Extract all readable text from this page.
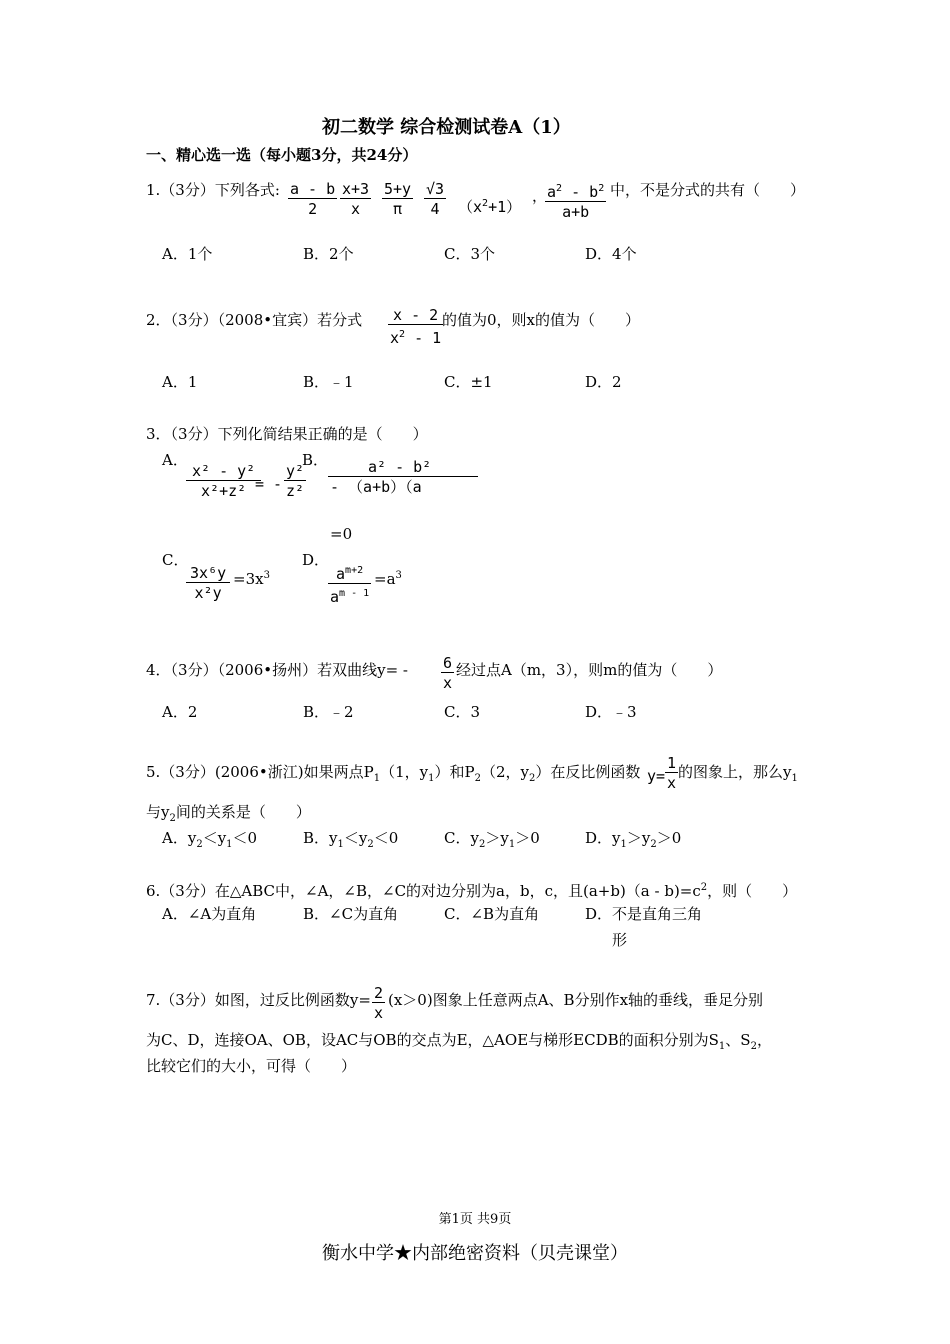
初二数学 综合检测试卷A（1）
一、精心选一选（每小题3分，共24分）
1.（3分）下列各式: $\frac{a - b}{2} \frac{x+3}{x} \frac{5+y}{\pi} \frac{√3}{4} (x^2+1)$
，
$\frac{a^2 - b^2}{a+b}$ 中，不是分式的共有（　　）
A．1个	B．2个	C．3个	D．4个
2．（3分）（2008•宜宾）若分式 $\frac{x - 2}{x^2 - 1}$
的值为0，则x的值为（　　）
A．1	B．﹣1	C．±1	D．2
3．（3分）下列化简结果正确的是（　　）
A．
$\frac{\text{x² - y²}}{\text{x²+z²}}$
= - $\frac{\text{y²}}{\text{z²}}$
B． $\frac{\text{a² - b²}}{- (a+b)(a}$
=0
C．
$\frac{\text{3x⁶y}}{\text{x²y}} =3x^3$
D．
$\frac{a^{m+2}}{a^{m - 1}} =a^3$
4．（3分）（2006•扬州）若双曲线$y= - \frac{6}{x}$ 经过点A（m，3），则m的值为（　　）
A．2	B．﹣2	C．3	D．﹣3
5.（3分）(2006•浙江)如果两点$P_1(1$，$y_1$）和$P_2(2$，$y_2$）在反比例函数 $y= \frac{1}{x}$ 的图象上，那么$y_1$
与$y_2$间的关系是（　　）
A．$y_2<y_1<0$	B．$y_1<y_2<0$	C．$y_2>y_1>0$	D．$y_1>y_2>0$
6.（3分）在△ABC中，∠A，∠B，∠C的对边分别为a，b，c，且$(a+b)(a - b)=c^2$，则（　　）
A．∠A为直角	B．∠C为直角	C．∠B为直角	D．不是直角三角
形
7.（3分）如图，过反比例函数$y= \frac{2}{x} (x>0)$图象上任意两点A、B分别作x轴的垂线，垂足分别
为C、D，连接OA、OB，设AC与OB的交点为E，△AOE与梯形ECDB的面积分别为$S_1$、$S_2$，
比较它们的大小，可得（　　）
第1页 共9页
衡水中学★内部绝密资料（贝壳课堂）
